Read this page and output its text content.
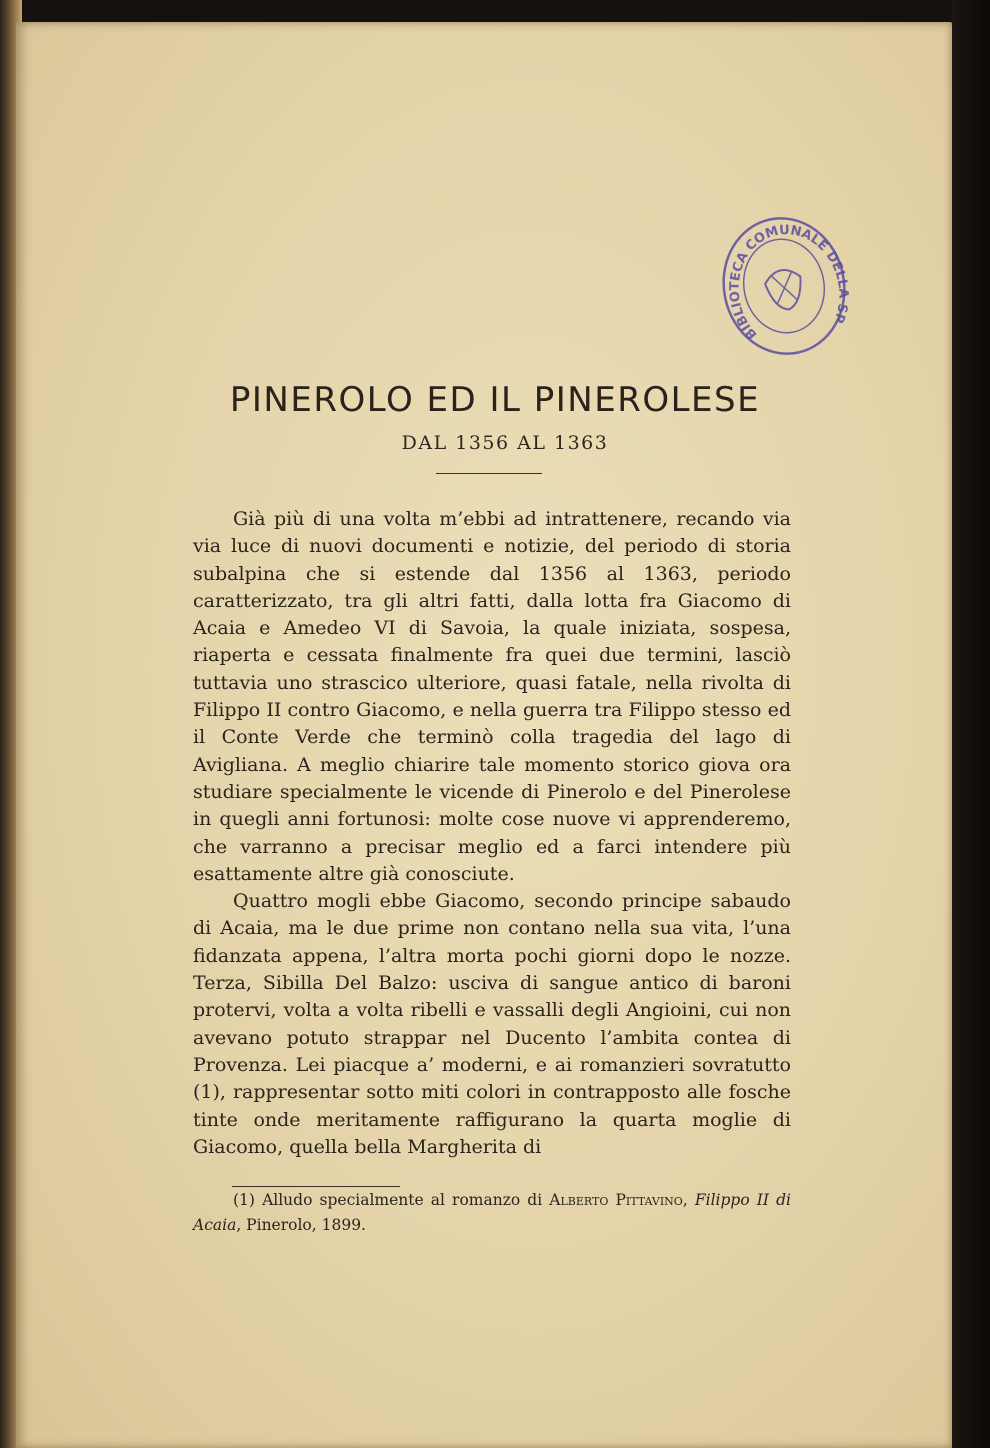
BIBLIOTECA COMUNALE DELLA SPEZIA
PINEROLO ED IL PINEROLESE
DAL 1356 AL 1363

Già più di una volta m’ebbi ad intrattenere, recando via via luce di nuovi documenti e notizie, del periodo di storia subalpina che si estende dal 1356 al 1363, periodo caratterizzato, tra gli altri fatti, dalla lotta fra Giacomo di Acaia e Amedeo VI di Savoia, la quale iniziata, sospesa, riaperta e cessata finalmente fra quei due termini, lasciò tuttavia uno strascico ulteriore, quasi fatale, nella rivolta di Filippo II contro Giacomo, e nella guerra tra Filippo stesso ed il Conte Verde che terminò colla tragedia del lago di Avigliana. A meglio chiarire tale momento storico giova ora studiare specialmente le vicende di Pinerolo e del Pinerolese in quegli anni fortunosi: molte cose nuove vi apprenderemo, che varranno a precisar meglio ed a farci intendere più esattamente altre già conosciute.

Quattro mogli ebbe Giacomo, secondo principe sabaudo di Acaia, ma le due prime non contano nella sua vita, l’una fidanzata appena, l’altra morta pochi giorni dopo le nozze. Terza, Sibilla Del Balzo: usciva di sangue antico di baroni protervi, volta a volta ribelli e vassalli degli Angioini, cui non avevano potuto strappar nel Ducento l’ambita contea di Provenza. Lei piacque a’ moderni, e ai romanzieri sovratutto (1), rappresentar sotto miti colori in contrapposto alle fosche tinte onde meritamente raffigurano la quarta moglie di Giacomo, quella bella Margherita di

(1) Alludo specialmente al romanzo di Alberto Pittavino, Filippo II di Acaia, Pinerolo, 1899.
